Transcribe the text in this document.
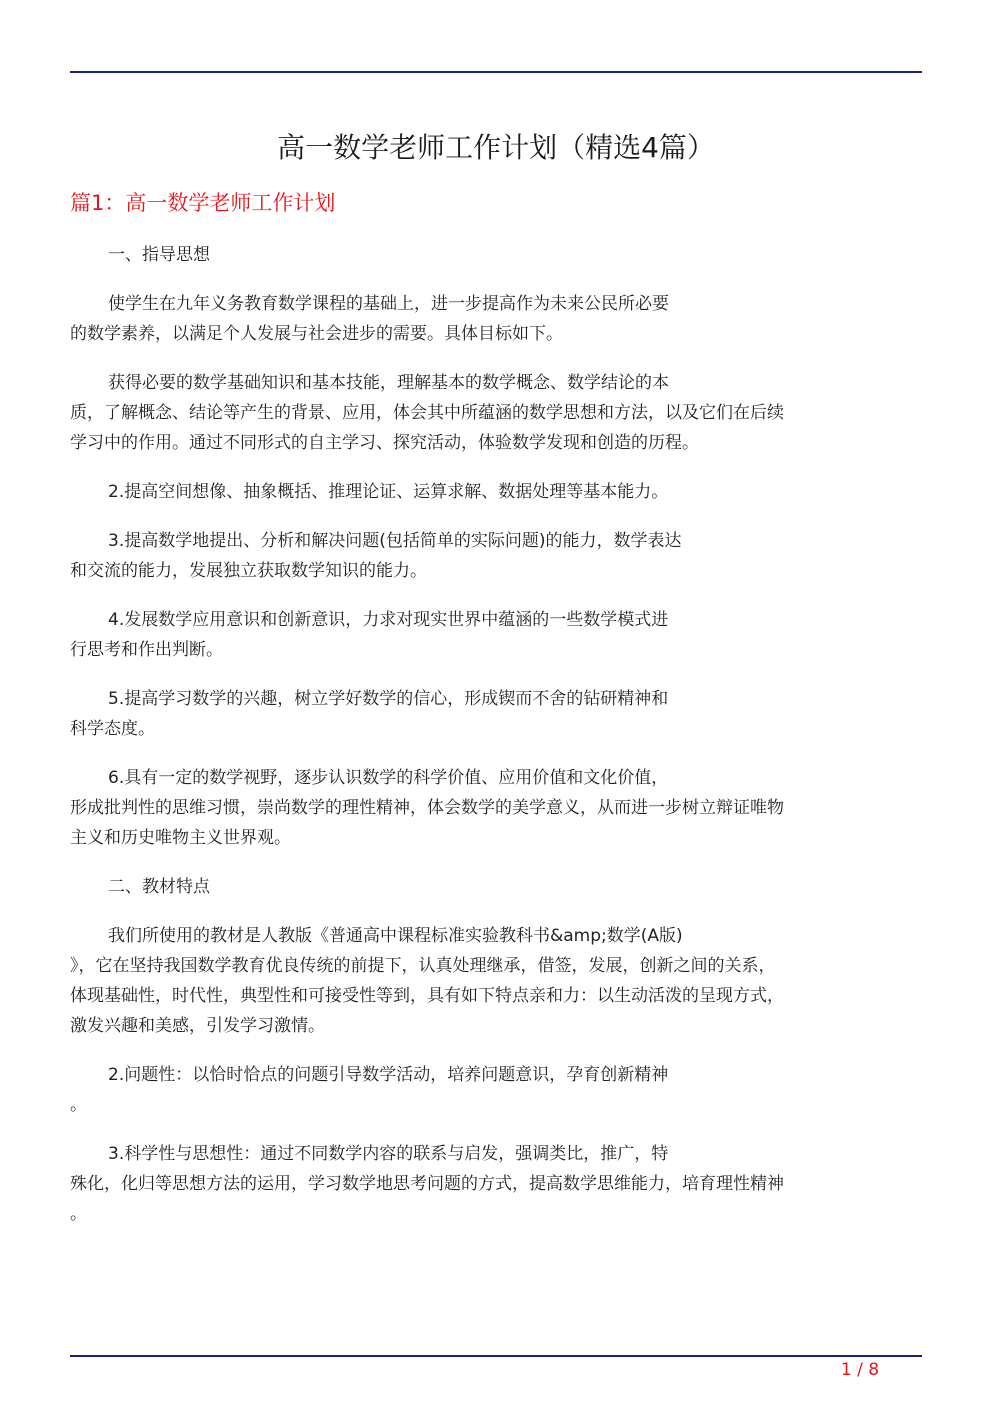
高一数学老师工作计划（精选4篇）
篇1：高一数学老师工作计划

一、指导思想

使学生在九年义务教育数学课程的基础上，进一步提高作为未来公民所必要
的数学素养，以满足个人发展与社会进步的需要。具体目标如下。

获得必要的数学基础知识和基本技能，理解基本的数学概念、数学结论的本
质，了解概念、结论等产生的背景、应用，体会其中所蕴涵的数学思想和方法，以及它们在后续
学习中的作用。通过不同形式的自主学习、探究活动，体验数学发现和创造的历程。

2.提高空间想像、抽象概括、推理论证、运算求解、数据处理等基本能力。

3.提高数学地提出、分析和解决问题(包括简单的实际问题)的能力，数学表达
和交流的能力，发展独立获取数学知识的能力。

4.发展数学应用意识和创新意识，力求对现实世界中蕴涵的一些数学模式进
行思考和作出判断。

5.提高学习数学的兴趣，树立学好数学的信心，形成锲而不舍的钻研精神和
科学态度。

6.具有一定的数学视野，逐步认识数学的科学价值、应用价值和文化价值，
形成批判性的思维习惯，崇尚数学的理性精神，体会数学的美学意义，从而进一步树立辩证唯物
主义和历史唯物主义世界观。

二、教材特点

我们所使用的教材是人教版《普通高中课程标准实验教科书&amp;数学(A版)
》，它在坚持我国数学教育优良传统的前提下，认真处理继承，借签，发展，创新之间的关系，
体现基础性，时代性，典型性和可接受性等到，具有如下特点亲和力：以生动活泼的呈现方式，
激发兴趣和美感，引发学习激情。

2.问题性：以恰时恰点的问题引导数学活动，培养问题意识，孕育创新精神
。

3.科学性与思想性：通过不同数学内容的联系与启发，强调类比，推广，特
殊化，化归等思想方法的运用，学习数学地思考问题的方式，提高数学思维能力，培育理性精神
。

1 / 8
